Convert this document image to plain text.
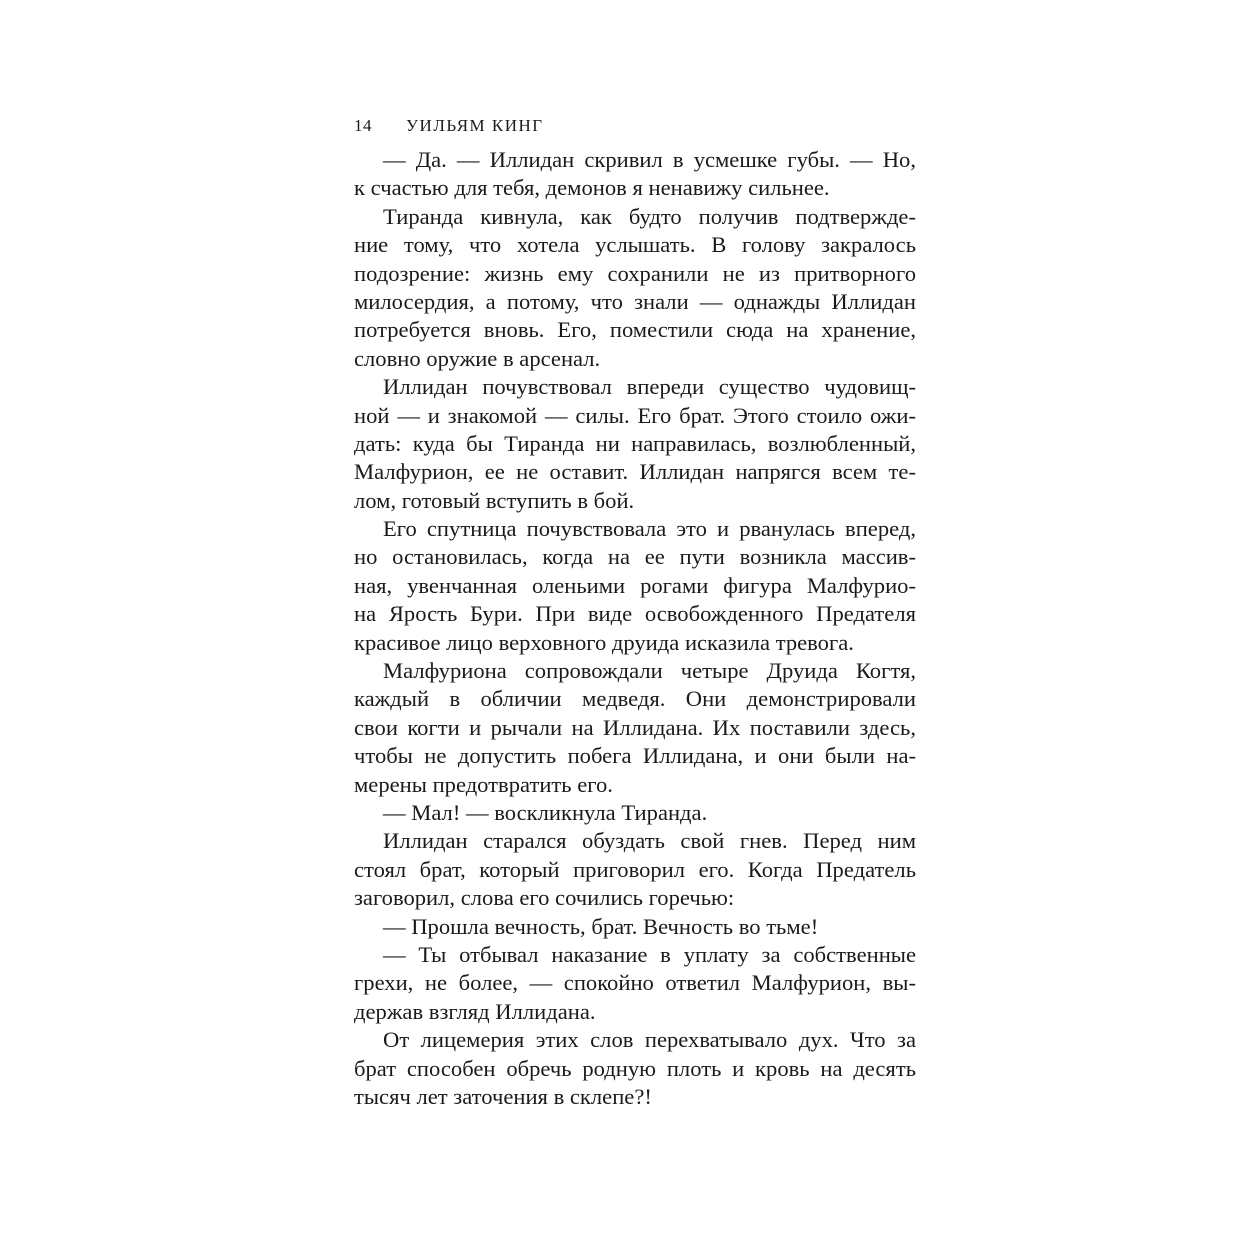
14 УИЛЬЯМ КИНГ
— Да. — Иллидан скривил в усмешке губы. — Но,
к счастью для тебя, демонов я ненавижу сильнее.
Тиранда кивнула, как будто получив подтвержде-
ние тому, что хотела услышать. В голову закралось
подозрение: жизнь ему сохранили не из притворного
милосердия, а потому, что знали — однажды Иллидан
потребуется вновь. Его, поместили сюда на хранение,
словно оружие в арсенал.
Иллидан почувствовал впереди существо чудовищ-
ной — и знакомой — силы. Его брат. Этого стоило ожи-
дать: куда бы Тиранда ни направилась, возлюбленный,
Малфурион, ее не оставит. Иллидан напрягся всем те-
лом, готовый вступить в бой.
Его спутница почувствовала это и рванулась вперед,
но остановилась, когда на ее пути возникла массив-
ная, увенчанная оленьими рогами фигура Малфурио-
на Ярость Бури. При виде освобожденного Предателя
красивое лицо верховного друида исказила тревога.
Малфуриона сопровождали четыре Друида Когтя,
каждый в обличии медведя. Они демонстрировали
свои когти и рычали на Иллидана. Их поставили здесь,
чтобы не допустить побега Иллидана, и они были на-
мерены предотвратить его.
— Мал! — воскликнула Тиранда.
Иллидан старался обуздать свой гнев. Перед ним
стоял брат, который приговорил его. Когда Предатель
заговорил, слова его сочились горечью:
— Прошла вечность, брат. Вечность во тьме!
— Ты отбывал наказание в уплату за собственные
грехи, не более, — спокойно ответил Малфурион, вы-
держав взгляд Иллидана.
От лицемерия этих слов перехватывало дух. Что за
брат способен обречь родную плоть и кровь на десять
тысяч лет заточения в склепе?!
